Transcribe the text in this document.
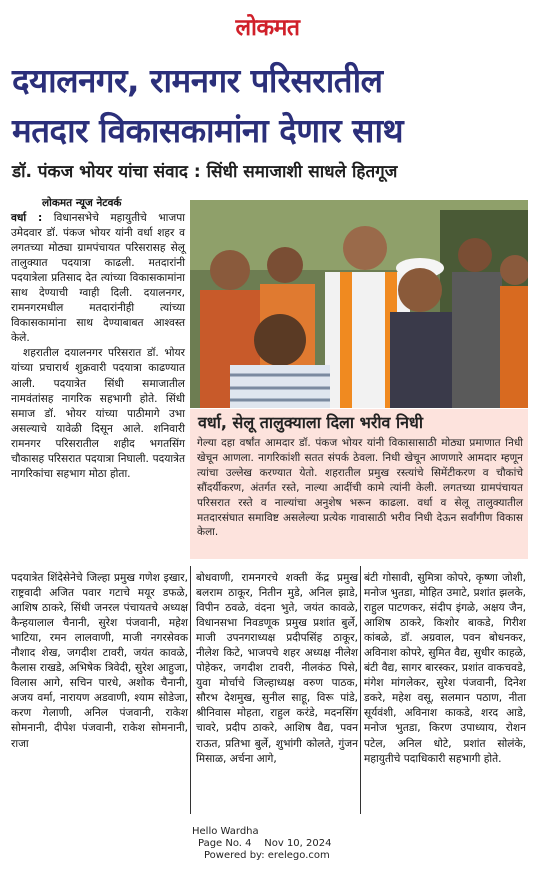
लोकमत
दयालनगर, रामनगर परिसरातील
मतदार विकासकामांना देणार साथ
डॉ. पंकज भोयर यांचा संवाद : सिंधी समाजाशी साधले हितगूज
लोकमत न्यूज नेटवर्क

वर्धा : विधानसभेचे महायुतीचे भाजपा उमेदवार डॉ. पंकज भोयर यांनी वर्धा शहर व लगतच्या मोठ्या ग्रामपंचायत परिसरासह सेलू तालुक्यात पदयात्रा काढली. मतदारांनी पदयात्रेला प्रतिसाद देत त्यांच्या विकासकामांना साथ देण्याची ग्वाही दिली. दयालनगर, रामनगरमधील मतदारांनीही त्यांच्या विकासकामांना साथ देण्याबाबत आश्वस्त केले.

शहरातील दयालनगर परिसरात डॉ. भोयर यांच्या प्रचारार्थ शुक्रवारी पदयात्रा काढण्यात आली. पदयात्रेत सिंधी समाजातील नामवंतांसह नागरिक सहभागी होते. सिंधी समाज डॉ. भोयर यांच्या पाठीमागे उभा असल्याचे यावेळी दिसून आले. शनिवारी रामनगर परिसरातील शहीद भगतसिंग चौकासह परिसरात पदयात्रा निघाली. पदयात्रेत नागरिकांचा सहभाग मोठा होता.

वर्धा, सेलू तालुक्याला दिला भरीव निधी
गेल्या दहा वर्षांत आमदार डॉ. पंकज भोयर यांनी विकासासाठी मोठ्या प्रमाणात निधी खेचून आणला. नागरिकांशी सतत संपर्क ठेवला. निधी खेचून आणणारे आमदार म्हणून त्यांचा उल्लेख करण्यात येतो. शहरातील प्रमुख रस्त्यांचे सिमेंटीकरण व चौकांचे सौंदर्यीकरण, अंतर्गत रस्ते, नाल्या आदींची कामे त्यांनी केली. लगतच्या ग्रामपंचायत परिसरात रस्ते व नाल्यांचा अनुशेष भरून काढला. वर्धा व सेलू तालुक्यातील मतदारसंघात समाविष्ट असलेल्या प्रत्येक गावासाठी भरीव निधी देऊन सर्वांगीण विकास केला.
पदयात्रेत शिंदेसेनेचे जिल्हा प्रमुख गणेश इखार, राष्ट्रवादी अजित पवार गटाचे मयूर डफळे, आशिष ठाकरे, सिंधी जनरल पंचायतचे अध्यक्ष कैन्हयालाल चैनानी, सुरेश पंजवानी, महेश भाटिया, रमन लालवाणी, माजी नगरसेवक नौशाद शेख, जगदीश टावरी, जयंत कावळे, कैलास राखडे, अभिषेक त्रिवेदी, सुरेश आहुजा, विलास आगे, सचिन पारधे, अशोक चैनानी, अजय वर्मा, नारायण अडवाणी, श्याम सोडेजा, करण गेलाणी, अनिल पंजवानी, राकेश सोमनानी, दीपेश पंजवानी, राकेश सोमनानी, राजा
बोधवाणी, रामनगरचे शक्ती केंद्र प्रमुख बलराम ठाकूर, नितीन मुडे, अनिल झाडे, विपीन ठवळे, वंदना भुते, जयंत कावळे, विधानसभा निवडणूक प्रमुख प्रशांत बुर्ले, माजी उपनगराध्यक्ष प्रदीपसिंह ठाकूर, नीलेश किटे, भाजपचे शहर अध्यक्ष नीलेश पोहेकर, जगदीश टावरी, नीलकंठ पिसे, युवा मोर्चाचे जिल्हाध्यक्ष वरुण पाठक, सौरभ देशमुख, सुनील साहू, विरू पांडे, श्रीनिवास मोहता, राहुल करंडे, मदनसिंग चावरे, प्रदीप ठाकरे, आशिष वैद्य, पवन राऊत, प्रतिभा बुर्ले, शुभांगी कोलते, गुंजन मिसाळ, अर्चना आगे,
बंटी गोसावी, सुमित्रा कोपरे, कृष्णा जोशी, मनोज भुतडा, मोहित उमाटे, प्रशांत झलके, राहुल पाटणकर, संदीप इंगळे, अक्षय जैन, आशिष ठाकरे, किशोर बाकडे, गिरीश कांबळे, डॉ. अग्रवाल, पवन बोधनकर, अविनाश कोपरे, सुमित वैद्य, सुधीर काहळे, बंटी वैद्य, सागर बारस्कर, प्रशांत वाकचवडे, मंगेश मांगलेकर, सुरेश पंजवानी, दिनेश डकरे, महेश वसू, सलमान पठाण, नीता सूर्यवंशी, अविनाश काकडे, शरद आडे, मनोज भुतडा, किरण उपाध्याय, रोशन पटेल, अनिल धोटे, प्रशांत सोलंके, महायुतीचे पदाधिकारी सहभागी होते.
Hello Wardha
Page No. 4    Nov 10, 2024
Powered by: erelego.com
